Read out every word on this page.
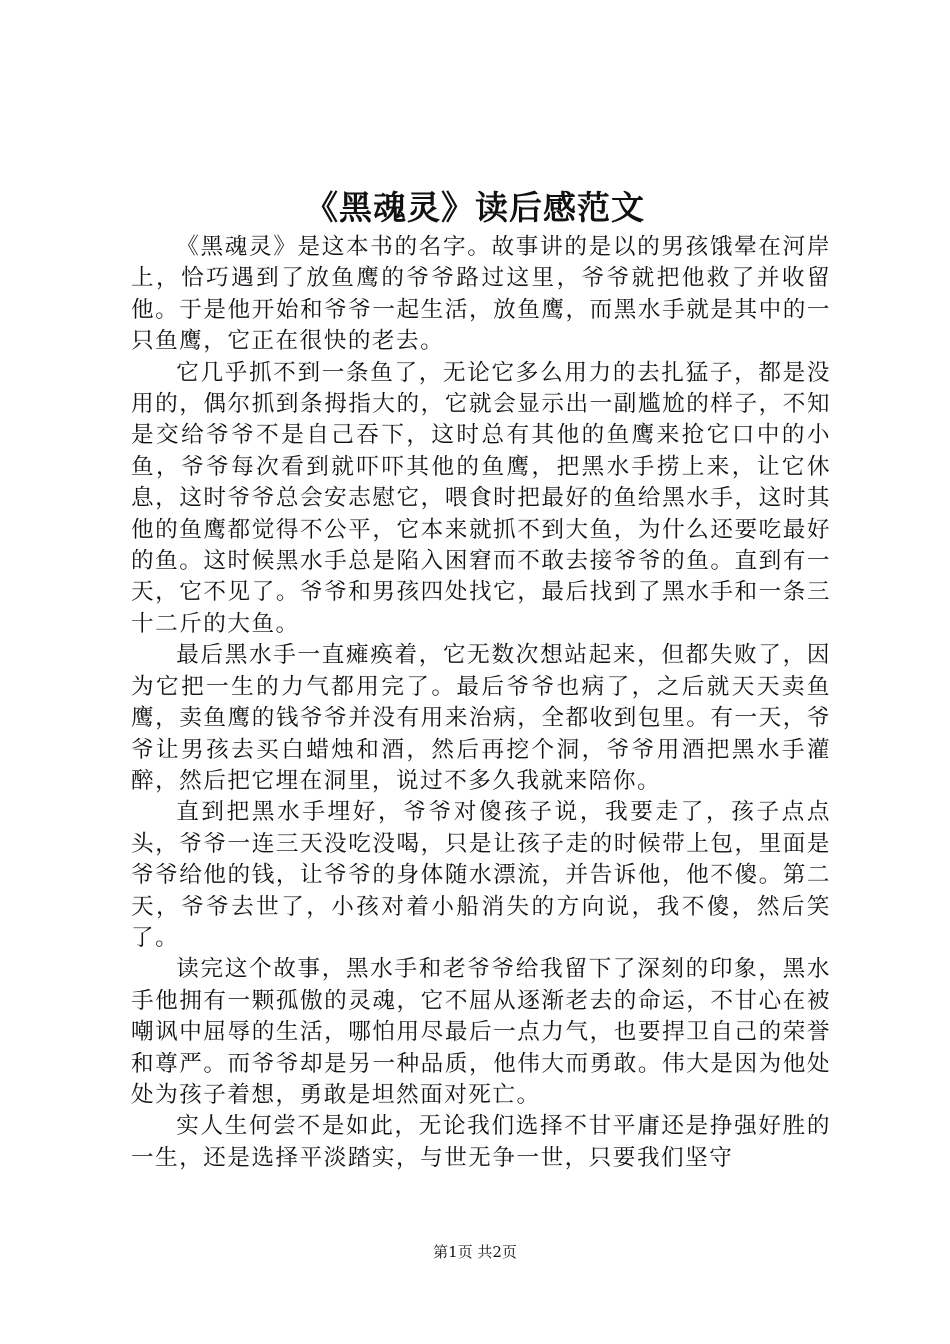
《黑魂灵》读后感范文

《黑魂灵》是这本书的名字。故事讲的是以的男孩饿晕在河岸上，恰巧遇到了放鱼鹰的爷爷路过这里，爷爷就把他救了并收留他。于是他开始和爷爷一起生活，放鱼鹰，而黑水手就是其中的一只鱼鹰，它正在很快的老去。

它几乎抓不到一条鱼了，无论它多么用力的去扎猛子，都是没用的，偶尔抓到条拇指大的，它就会显示出一副尴尬的样子，不知是交给爷爷不是自己吞下，这时总有其他的鱼鹰来抢它口中的小鱼，爷爷每次看到就吓吓其他的鱼鹰，把黑水手捞上来，让它休息，这时爷爷总会安志慰它，喂食时把最好的鱼给黑水手，这时其他的鱼鹰都觉得不公平，它本来就抓不到大鱼，为什么还要吃最好的鱼。这时候黑水手总是陷入困窘而不敢去接爷爷的鱼。直到有一天，它不见了。爷爷和男孩四处找它，最后找到了黑水手和一条三十二斤的大鱼。

最后黑水手一直瘫痪着，它无数次想站起来，但都失败了，因为它把一生的力气都用完了。最后爷爷也病了，之后就天天卖鱼鹰，卖鱼鹰的钱爷爷并没有用来治病，全都收到包里。有一天，爷爷让男孩去买白蜡烛和酒，然后再挖个洞，爷爷用酒把黑水手灌醉，然后把它埋在洞里，说过不多久我就来陪你。

直到把黑水手埋好，爷爷对傻孩子说，我要走了，孩子点点头，爷爷一连三天没吃没喝，只是让孩子走的时候带上包，里面是爷爷给他的钱，让爷爷的身体随水漂流，并告诉他，他不傻。第二天，爷爷去世了，小孩对着小船消失的方向说，我不傻，然后笑了。

读完这个故事，黑水手和老爷爷给我留下了深刻的印象，黑水手他拥有一颗孤傲的灵魂，它不屈从逐渐老去的命运，不甘心在被嘲讽中屈辱的生活，哪怕用尽最后一点力气，也要捍卫自己的荣誉和尊严。而爷爷却是另一种品质，他伟大而勇敢。伟大是因为他处处为孩子着想，勇敢是坦然面对死亡。

实人生何尝不是如此，无论我们选择不甘平庸还是挣强好胜的一生，还是选择平淡踏实，与世无争一世，只要我们坚守

第1页 共2页
